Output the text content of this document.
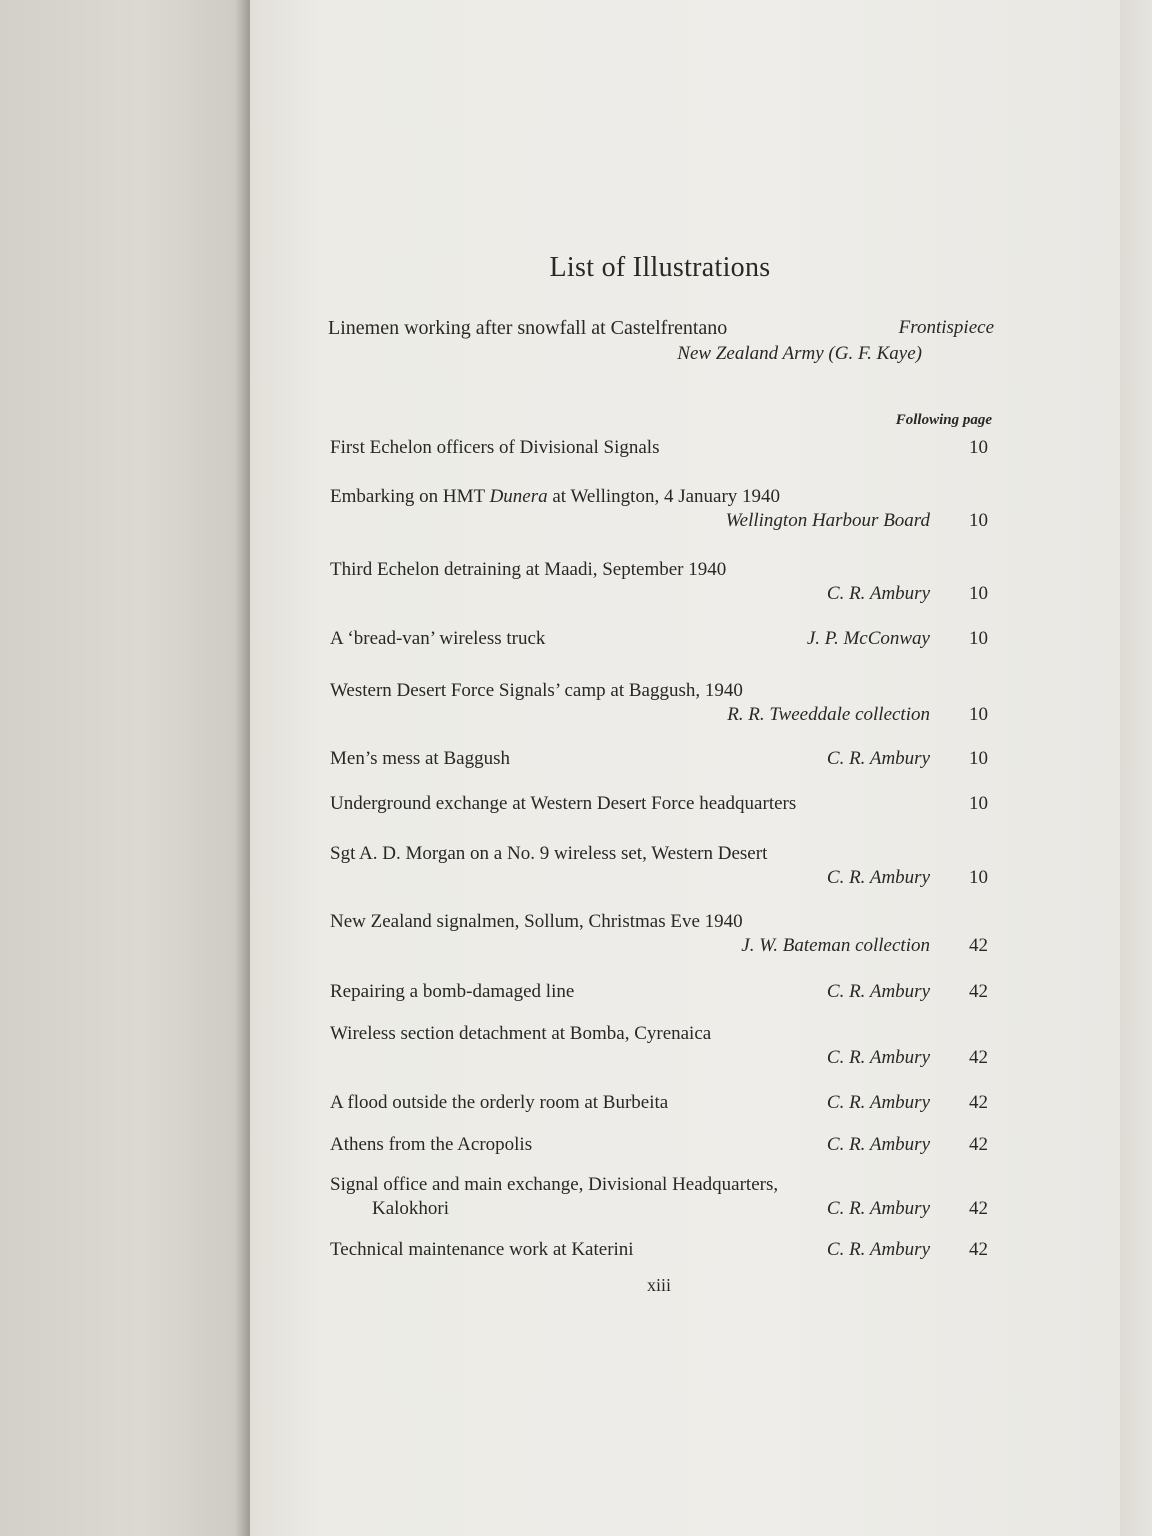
List of Illustrations
Linemen working after snowfall at Castelfrentano	Frontispiece
New Zealand Army (G. F. Kaye)
Following page
First Echelon officers of Divisional Signals	10
Embarking on HMT Dunera at Wellington, 4 January 1940
Wellington Harbour Board	10
Third Echelon detraining at Maadi, September 1940
C. R. Ambury	10
A ‘bread-van’ wireless truck	J. P. McConway	10
Western Desert Force Signals’ camp at Baggush, 1940
R. R. Tweeddale collection	10
Men’s mess at Baggush	C. R. Ambury	10
Underground exchange at Western Desert Force headquarters	10
Sgt A. D. Morgan on a No. 9 wireless set, Western Desert
C. R. Ambury	10
New Zealand signalmen, Sollum, Christmas Eve 1940
J. W. Bateman collection	42
Repairing a bomb-damaged line	C. R. Ambury	42
Wireless section detachment at Bomba, Cyrenaica
C. R. Ambury	42
A flood outside the orderly room at Burbeita	C. R. Ambury	42
Athens from the Acropolis	C. R. Ambury	42
Signal office and main exchange, Divisional Headquarters,
Kalokhori	C. R. Ambury	42
Technical maintenance work at Katerini	C. R. Ambury	42
xiii
